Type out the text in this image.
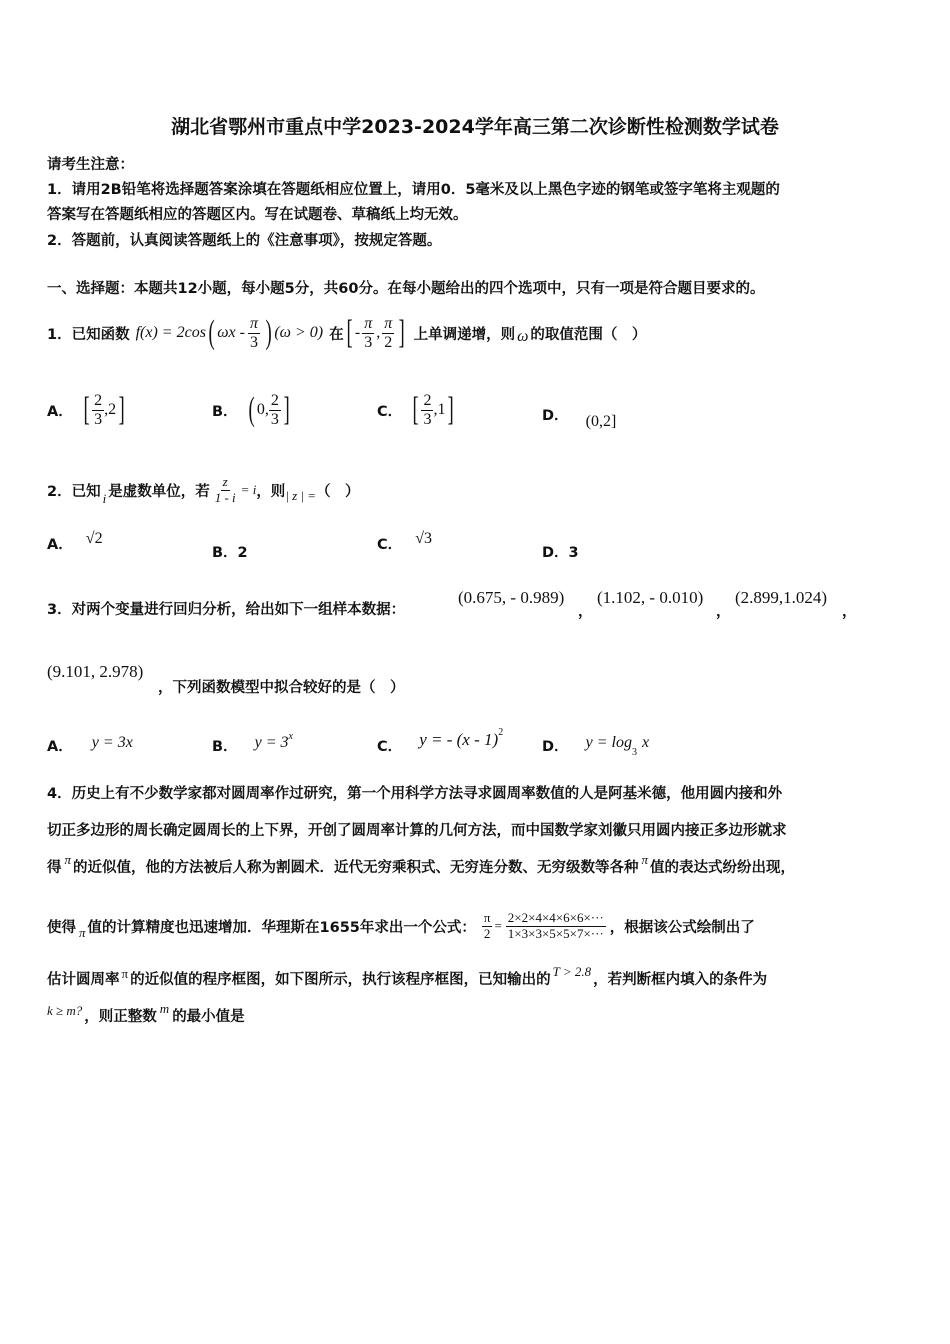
湖北省鄂州市重点中学2023-2024学年高三第二次诊断性检测数学试卷
请考生注意：
1．请用2B铅笔将选择题答案涂填在答题纸相应位置上，请用0．5毫米及以上黑色字迹的钢笔或签字笔将主观题的
答案写在答题纸相应的答题区内。写在试题卷、草稿纸上均无效。
2．答题前，认真阅读答题纸上的《注意事项》，按规定答题。
一、选择题：本题共12小题，每小题5分，共60分。在每小题给出的四个选项中，只有一项是符合题目要求的。
1．已知函数 f(x) = 2cos ( ωx - $\frac{\pi}{3}$ ) (ω > 0) 在 [ - $\frac{\pi}{3}$ , $\frac{\pi}{2}$ ] 上单调递增，则 ω 的取值范围（　）
A． [ $\frac{2}{3} ,2$ ]	B． ( 0, $\frac{2}{3}$ ]	C． [ $\frac{2}{3} ,1$ ]	D． (0,2]
2．已知 i 是虚数单位，若 $\frac{z}{1 - i} = i$ ，则 | z | = （　）
A． √2
B．2	C． √3
D．3
3．对两个变量进行回归分析，给出如下一组样本数据：
(0.675, - 0.989)
，
(1.102, - 0.010)
，
(2.899,1.024)
，
(9.101, 2.978)
，下列函数模型中拟合较好的是（　）
A． y = 3x	B． $y = 3^x$
C． y = - (x - 1)$^2$
D． $y = \log_3 x$
4．历史上有不少数学家都对圆周率作过研究，第一个用科学方法寻求圆周率数值的人是阿基米德，他用圆内接和外
切正多边形的周长确定圆周长的上下界，开创了圆周率计算的几何方法，而中国数学家刘徽只用圆内接正多边形就求
得
π
的近似值，他的方法被后人称为割圆术．近代无穷乘积式、无穷连分数、无穷级数等各种
π
值的表达式纷纷出现，
使得 π 值的计算精度也迅速增加．华理斯在1655年求出一个公式： $\frac{\pi}{2} = \frac{2\times 2\times 4\times 4\times 6\times 6\times\cdot\cdot\cdot}{1\times 3\times 3\times 5\times 5\times 7\times\cdot\cdot\cdot}$ ，根据该公式绘制出了
估计圆周率 π 的近似值的程序框图，如下图所示，执行该程序框图，已知输出的
T > 2.8
，若判断框内填入的条件为
k ≥ m? ，则正整数
m
的最小值是
